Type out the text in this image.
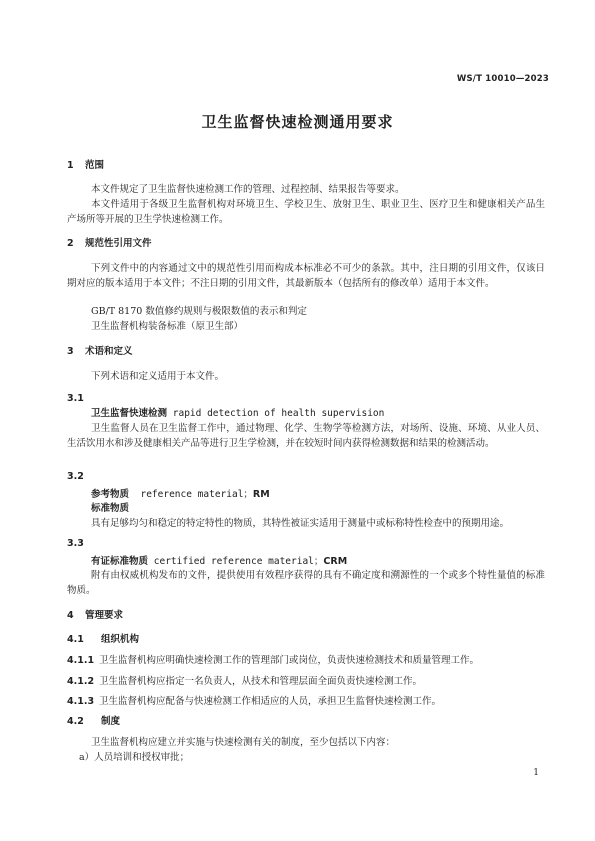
WS/T 10010—2023
卫生监督快速检测通用要求
1 范围
本文件规定了卫生监督快速检测工作的管理、过程控制、结果报告等要求。
本文件适用于各级卫生监督机构对环境卫生、学校卫生、放射卫生、职业卫生、医疗卫生和健康相关产品生产场所等开展的卫生学快速检测工作。
2 规范性引用文件
下列文件中的内容通过文中的规范性引用而构成本标准必不可少的条款。其中，注日期的引用文件，仅该日期对应的版本适用于本文件；不注日期的引用文件，其最新版本（包括所有的修改单）适用于本文件。
GB/T 8170 数值修约规则与极限数值的表示和判定
卫生监督机构装备标准（原卫生部）
3 术语和定义
下列术语和定义适用于本文件。
3.1
卫生监督快速检测 rapid detection of health supervision
卫生监督人员在卫生监督工作中，通过物理、化学、生物学等检测方法，对场所、设施、环境、从业人员、生活饮用水和涉及健康相关产品等进行卫生学检测，并在较短时间内获得检测数据和结果的检测活动。
3.2
参考物质 reference material；RM
标准物质
具有足够均匀和稳定的特定特性的物质，其特性被证实适用于测量中或标称特性检查中的预期用途。
3.3
有证标准物质 certified reference material；CRM
附有由权威机构发布的文件，提供使用有效程序获得的具有不确定度和溯源性的一个或多个特性量值的标准物质。
4 管理要求
4.1 组织机构
4.1.1 卫生监督机构应明确快速检测工作的管理部门或岗位，负责快速检测技术和质量管理工作。
4.1.2 卫生监督机构应指定一名负责人，从技术和管理层面全面负责快速检测工作。
4.1.3 卫生监督机构应配备与快速检测工作相适应的人员，承担卫生监督快速检测工作。
4.2 制度
卫生监督机构应建立并实施与快速检测有关的制度，至少包括以下内容：
a）人员培训和授权审批；
1
